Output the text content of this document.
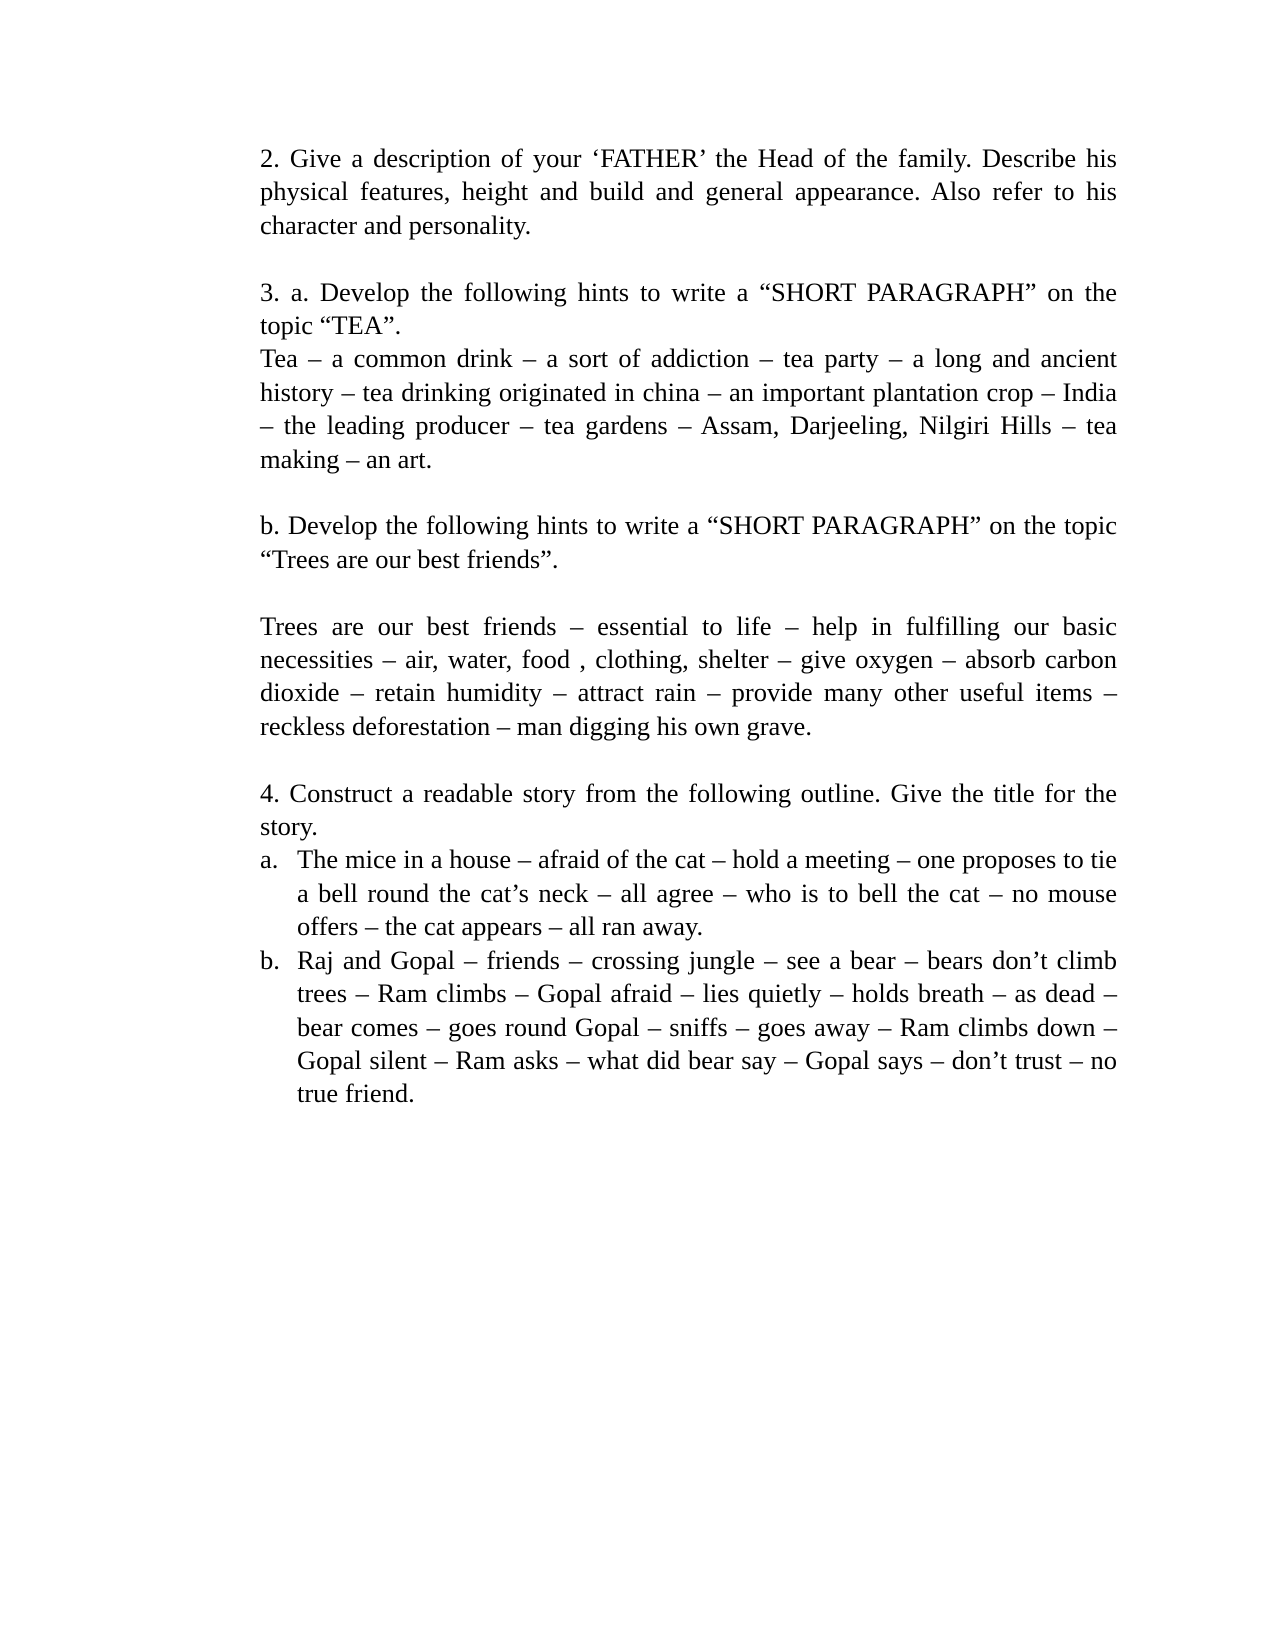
2. Give a description of your ‘FATHER’ the Head of the family. Describe his physical features, height and build and general appearance. Also refer to his character and personality.

3. a. Develop the following hints to write a “SHORT PARAGRAPH” on the topic “TEA”.

Tea – a common drink – a sort of addiction – tea party – a long and ancient history – tea drinking originated in china – an important plantation crop – India – the leading producer – tea gardens – Assam, Darjeeling, Nilgiri Hills – tea making – an art.

b. Develop the following hints to write a “SHORT PARAGRAPH” on the topic “Trees are our best friends”.

Trees are our best friends – essential to life – help in fulfilling our basic necessities – air, water, food , clothing, shelter – give oxygen – absorb carbon dioxide – retain humidity – attract rain – provide many other useful items – reckless deforestation – man digging his own grave.

4. Construct a readable story from the following outline. Give the title for the story.

a. The mice in a house – afraid of the cat – hold a meeting – one proposes to tie a bell round the cat’s neck – all agree – who is to bell the cat – no mouse offers – the cat appears – all ran away.
b. Raj and Gopal – friends – crossing jungle – see a bear – bears don’t climb trees – Ram climbs – Gopal afraid – lies quietly – holds breath – as dead – bear comes – goes round Gopal – sniffs – goes away – Ram climbs down – Gopal silent – Ram asks – what did bear say – Gopal says – don’t trust – no true friend.
